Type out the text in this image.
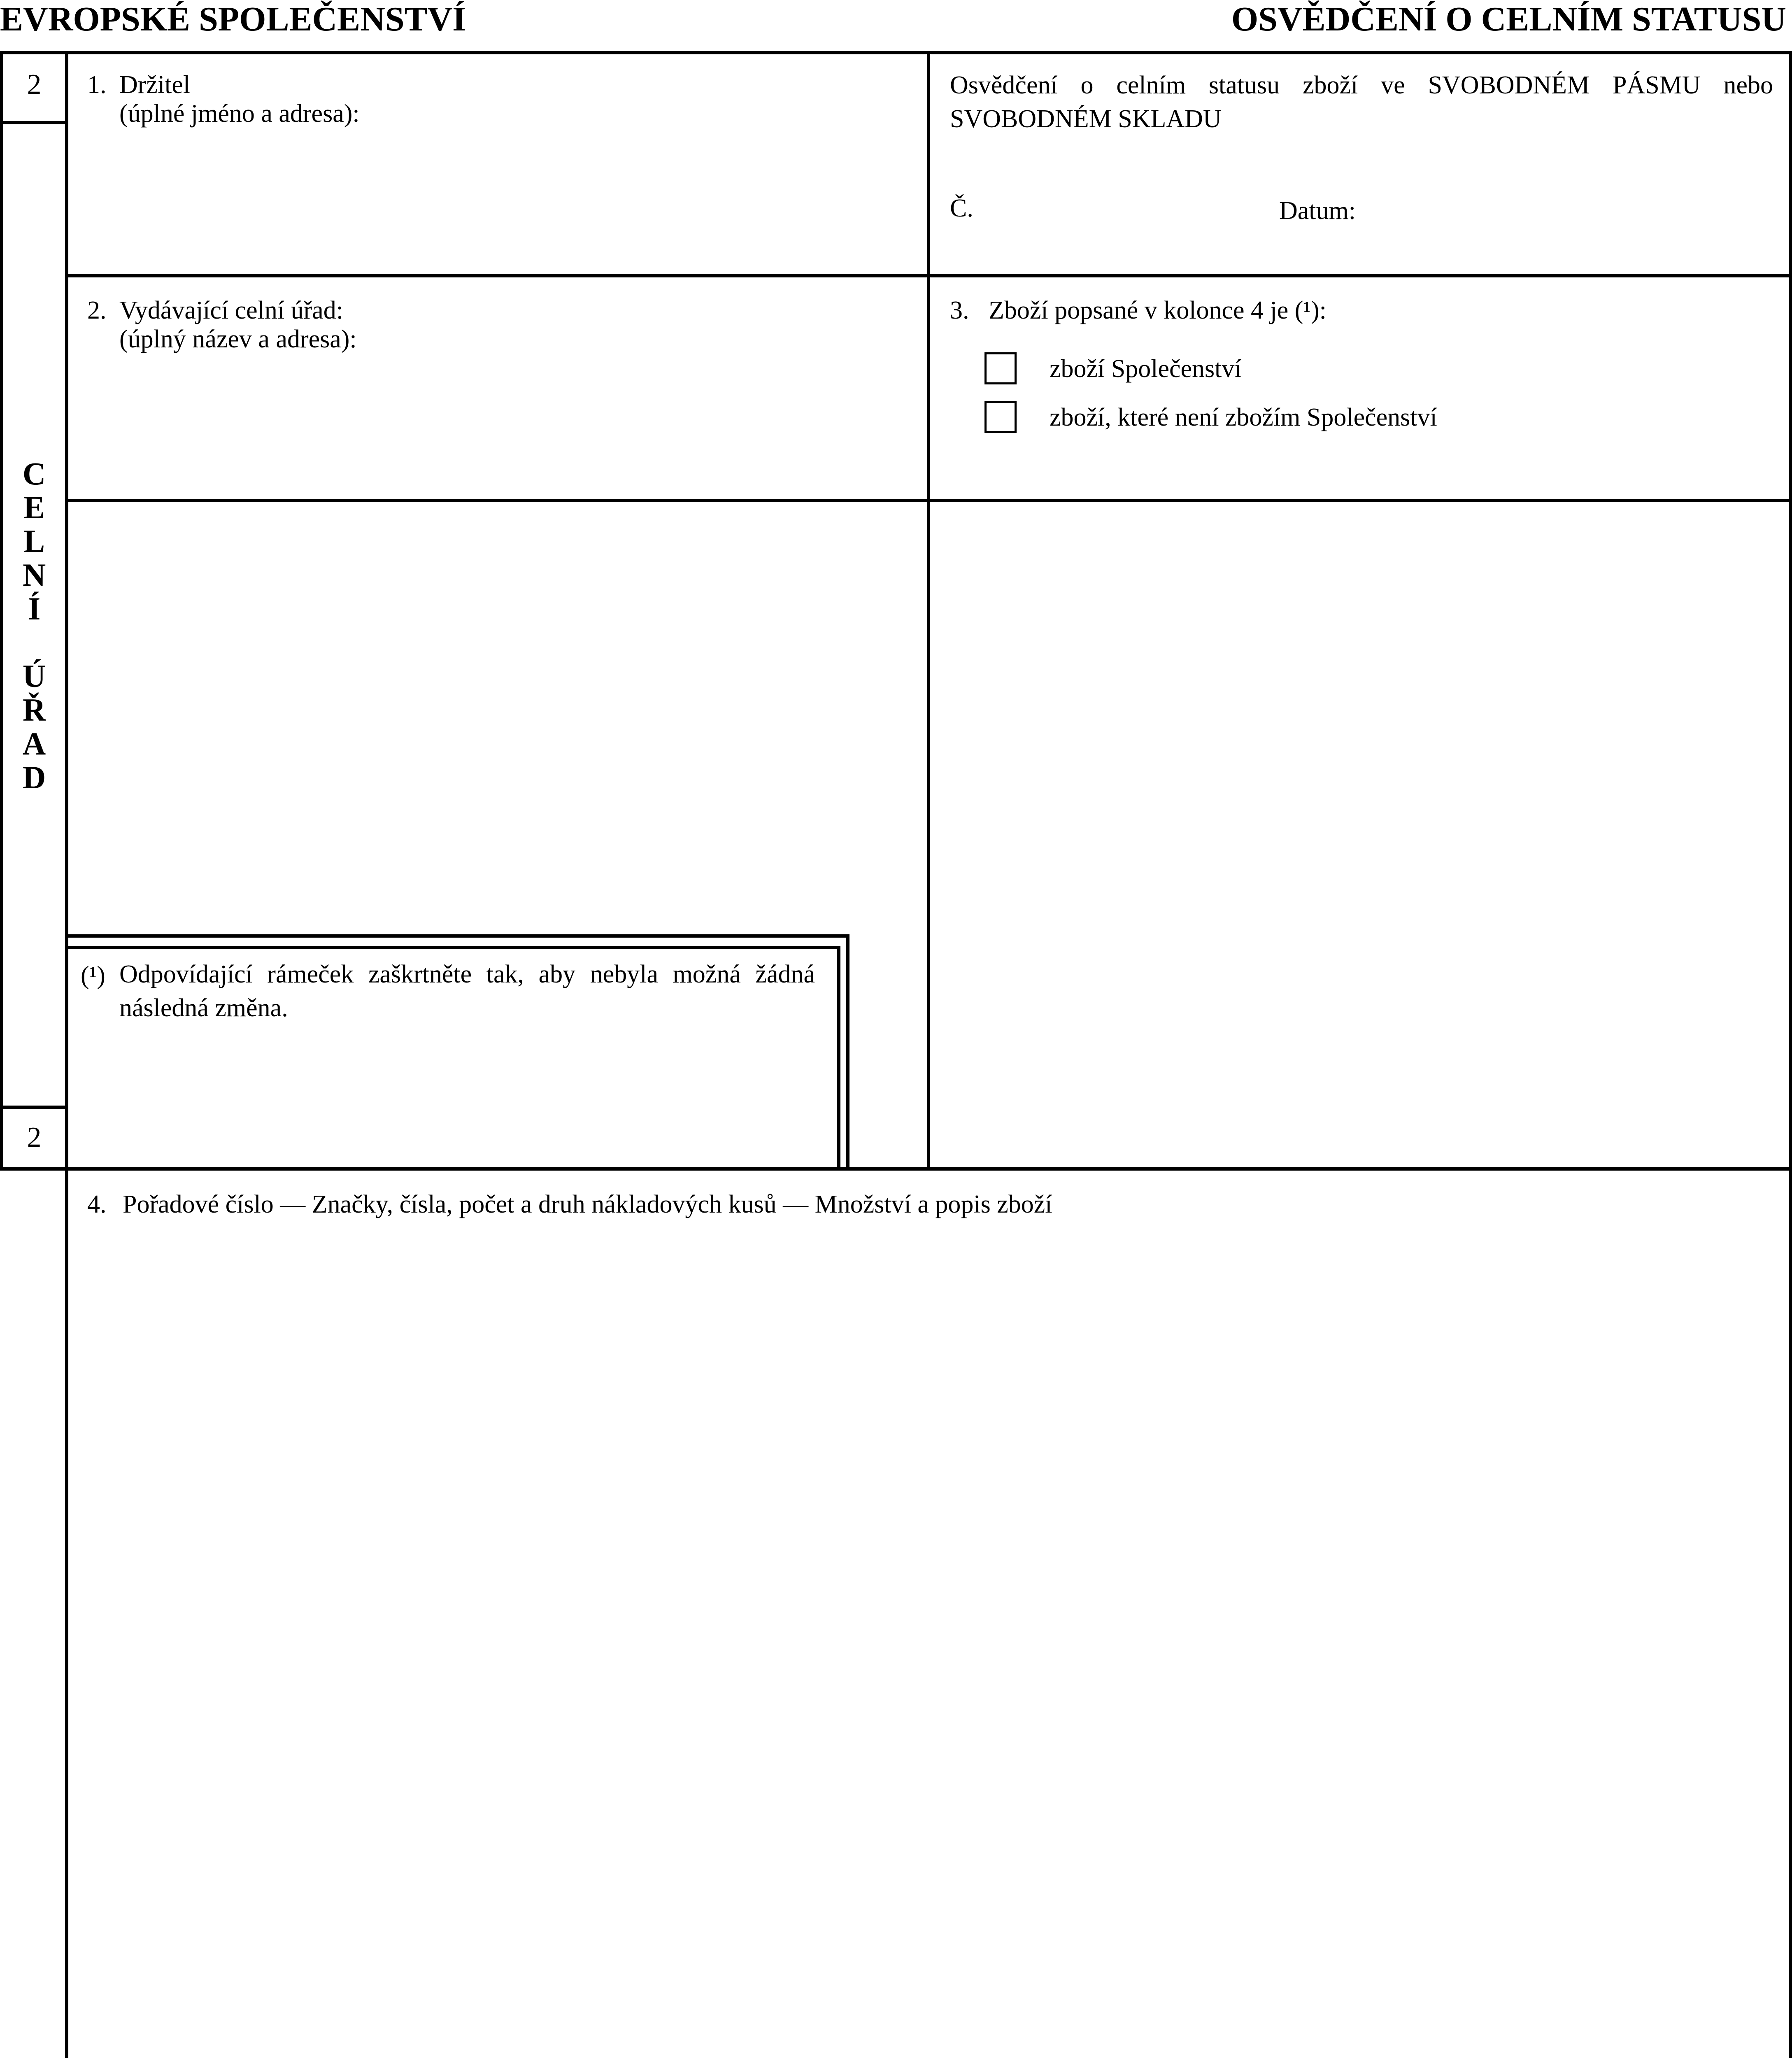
EVROPSKÉ SPOLEČENSTVÍ	OSVĚDČENÍ O CELNÍM STATUSU
2
C
E
L
N
Í

Ú
Ř
A
D
2
1. Držitel
(úplné jméno a adresa):
Osvědčení o celním statusu zboží ve SVOBODNÉM PÁSMU nebo SVOBODNÉM SKLADU
Č.	Datum:
2. Vydávající celní úřad:
(úplný název a adresa):
3. Zboží popsané v kolonce 4 je (¹):
zboží Společenství
zboží, které není zbožím Společenství
(¹) Odpovídající rámeček zaškrtněte tak, aby nebyla možná žádná následná změna.
4. Pořadové číslo — Značky, čísla, počet a druh nákladových kusů — Množství a popis zboží
